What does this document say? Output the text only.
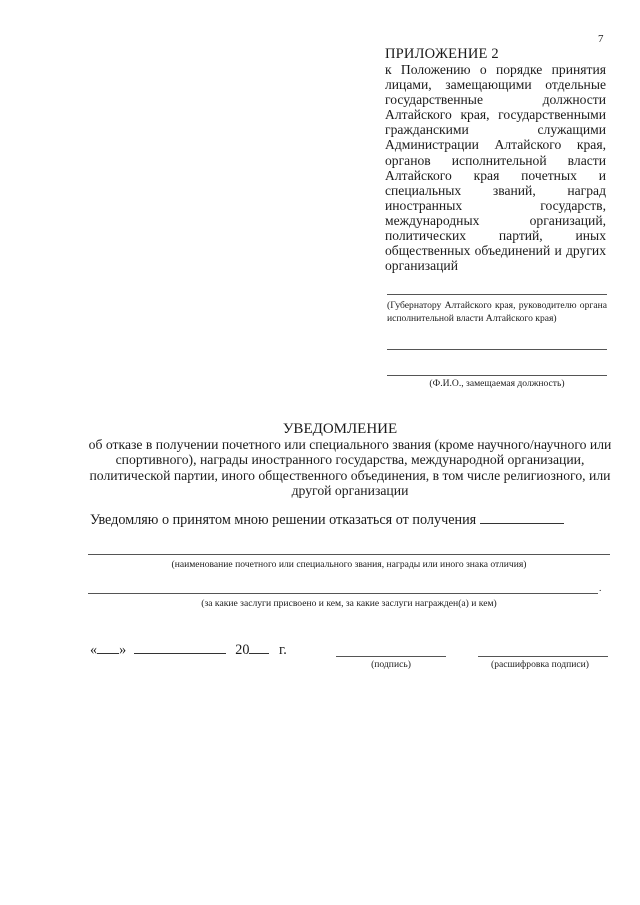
7
ПРИЛОЖЕНИЕ 2
к Положению о порядке принятия лицами, замещающими отдельные государственные должности Алтайского края, государственными гражданскими служащими Администрации Алтайского края, органов исполнительной власти Алтайского края почетных и специальных званий, наград иностранных государств, международных организаций, политических партий, иных общественных объединений и других организаций
(Губернатору Алтайского края, руководителю органа исполнительной власти Алтайского края)
(Ф.И.О., замещаемая должность)
УВЕДОМЛЕНИЕ
об отказе в получении почетного или специального звания (кроме научного/научного или спортивного), награды иностранного государства, международной организации, политической партии, иного общественного объединения, в том числе религиозного, или другой организации
Уведомляю о принятом мною решении отказаться от получения
(наименование почетного или специального звания, награды или иного знака отличия)
.
(за какие заслуги присвоено и кем, за какие заслуги награжден(а) и кем)
« »	20 г.
(подпись)	(расшифровка подписи)
